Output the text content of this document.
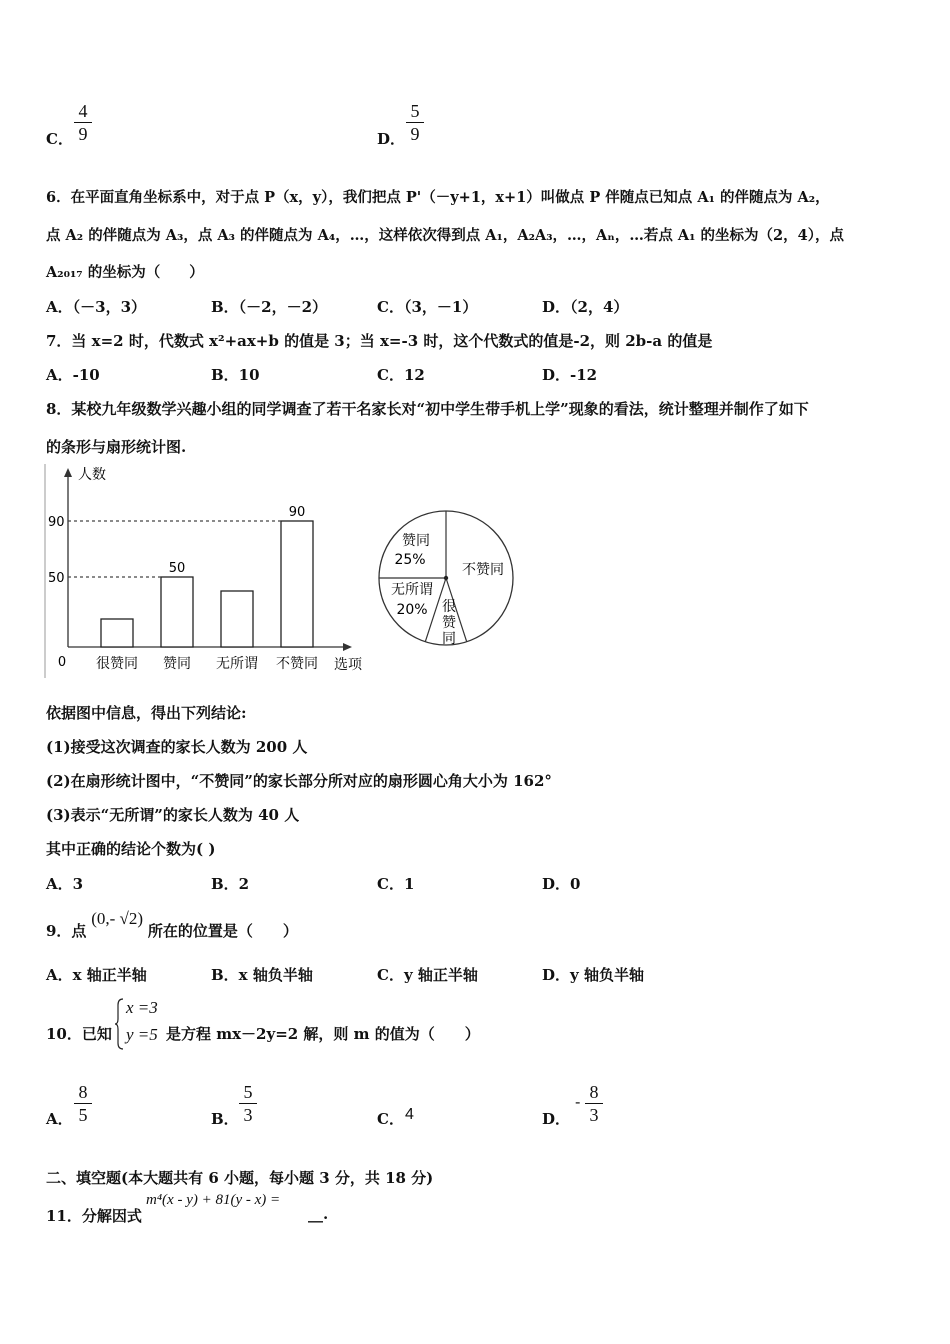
C．
4
9	D．
5
9
6．在平面直角坐标系中，对于点 P（x，y），我们把点 P'（－y+1，x+1）叫做点 P 伴随点已知点 A₁ 的伴随点为 A₂，
点 A₂ 的伴随点为 A₃，点 A₃ 的伴随点为 A₄，…，这样依次得到点 A₁，A₂A₃，…，Aₙ，…若点 A₁ 的坐标为（2，4），点
A₂₀₁₇ 的坐标为（　　）
A．（－3，3）	B．（－2，－2）	C．（3，－1）	D．（2，4）
7．当 x=2 时，代数式 x²+ax+b 的值是 3；当 x=-3 时，这个代数式的值是-2，则 2b-a 的值是
A．-10	B．10	C．12	D．-12
8．某校九年级数学兴趣小组的同学调查了若干名家长对“初中学生带手机上学”现象的看法，统计整理并制作了如下
的条形与扇形统计图.
人数
选项
0 很赞同 赞同
50
无所谓 不赞同
90
90
50
赞同
25%
无所谓
20% 很
赞
同
不赞同
依据图中信息，得出下列结论:
(1)接受这次调查的家长人数为 200 人
(2)在扇形统计图中，“不赞同”的家长部分所对应的扇形圆心角大小为 162°
(3)表示“无所谓”的家长人数为 40 人
其中正确的结论个数为( )
A．3	B．2	C．1	D．0
9．点 (0,- √2) 所在的位置是（　　）
A．x 轴正半轴	B．x 轴负半轴	C．y 轴正半轴	D．y 轴负半轴
10．已知
x =3
y =5 是方程 mx－2y=2 解，则 m 的值为（　　）
A．
8
5	B．
5
3	C． 4	D．
- 8
3
二、填空题(本大题共有 6 小题，每小题 3 分，共 18 分)
11．分解因式
m⁴(x - y) + 81(y - x) =
__.
